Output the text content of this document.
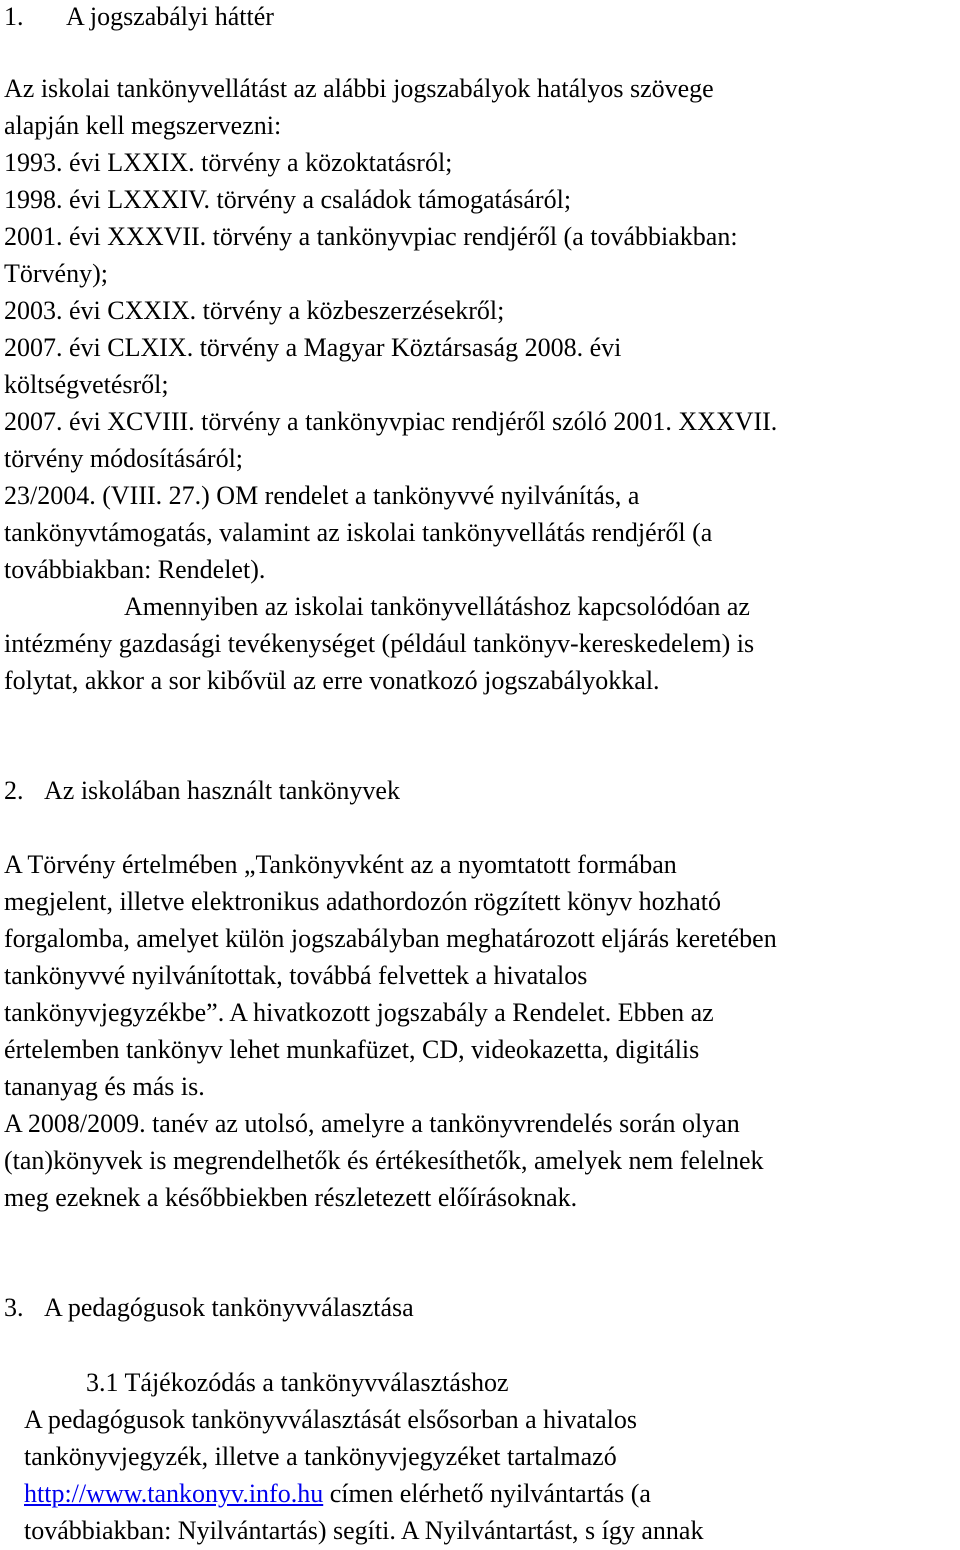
1. A jogszabályi háttér

Az iskolai tankönyvellátást az alábbi jogszabályok hatályos szövege

alapján kell megszervezni:

1993. évi LXXIX. törvény a közoktatásról;

1998. évi LXXXIV. törvény a családok támogatásáról;

2001. évi XXXVII. törvény a tankönyvpiac rendjéről (a továbbiakban:

Törvény);

2003. évi CXXIX. törvény a közbeszerzésekről;

2007. évi CLXIX. törvény a Magyar Köztársaság 2008. évi

költségvetésről;

2007. évi XCVIII. törvény a tankönyvpiac rendjéről szóló 2001. XXXVII.

törvény módosításáról;

23/2004. (VIII. 27.) OM rendelet a tankönyvvé nyilvánítás, a

tankönyvtámogatás, valamint az iskolai tankönyvellátás rendjéről (a

továbbiakban: Rendelet).

Amennyiben az iskolai tankönyvellátáshoz kapcsolódóan az

intézmény gazdasági tevékenységet (például tankönyv-kereskedelem) is

folytat, akkor a sor kibővül az erre vonatkozó jogszabályokkal.

2. Az iskolában használt tankönyvek

A Törvény értelmében „Tankönyvként az a nyomtatott formában

megjelent, illetve elektronikus adathordozón rögzített könyv hozható

forgalomba, amelyet külön jogszabályban meghatározott eljárás keretében

tankönyvvé nyilvánítottak, továbbá felvettek a hivatalos

tankönyvjegyzékbe”. A hivatkozott jogszabály a Rendelet. Ebben az

értelemben tankönyv lehet munkafüzet, CD, videokazetta, digitális

tananyag és más is.

A 2008/2009. tanév az utolsó, amelyre a tankönyvrendelés során olyan

(tan)könyvek is megrendelhetők és értékesíthetők, amelyek nem felelnek

meg ezeknek a későbbiekben részletezett előírásoknak.

3. A pedagógusok tankönyvválasztása
3.1 Tájékozódás a tankönyvválasztáshoz

A pedagógusok tankönyvválasztását elsősorban a hivatalos

tankönyvjegyzék, illetve a tankönyvjegyzéket tartalmazó

http://www.tankonyv.info.hu címen elérhető nyilvántartás (a

továbbiakban: Nyilvántartás) segíti. A Nyilvántartást, s így annak
